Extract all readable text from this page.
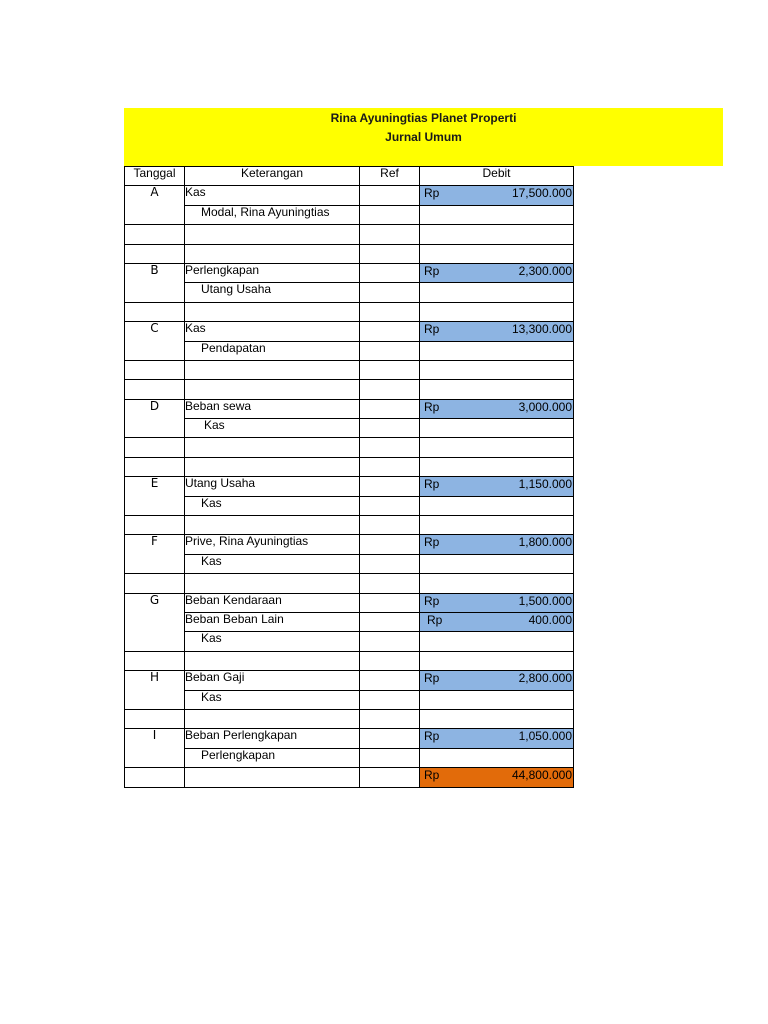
Rina Ayuningtias Planet Properti
Jurnal Umum
Tanggal	Keterangan	Ref	Debit
A	Kas		Rp 17,500.000

	Modal, Rina Ayuningtias		

B	Perlengkapan		Rp 2,300.000

	Utang Usaha		

C	Kas		Rp 13,300.000

	Pendapatan		

D	Beban sewa		Rp 3,000.000

	Kas		

E	Utang Usaha		Rp 1,150.000

	Kas		

F	Prive, Rina Ayuningtias		Rp 1,800.000

	Kas		

G	Beban Kendaraan		Rp 1,500.000

	Beban Beban Lain		Rp 400.000

	Kas		

H	Beban Gaji		Rp 2,800.000

	Kas		

I	Beban Perlengkapan		Rp 1,050.000

	Perlengkapan		

			Rp 44,800.000
